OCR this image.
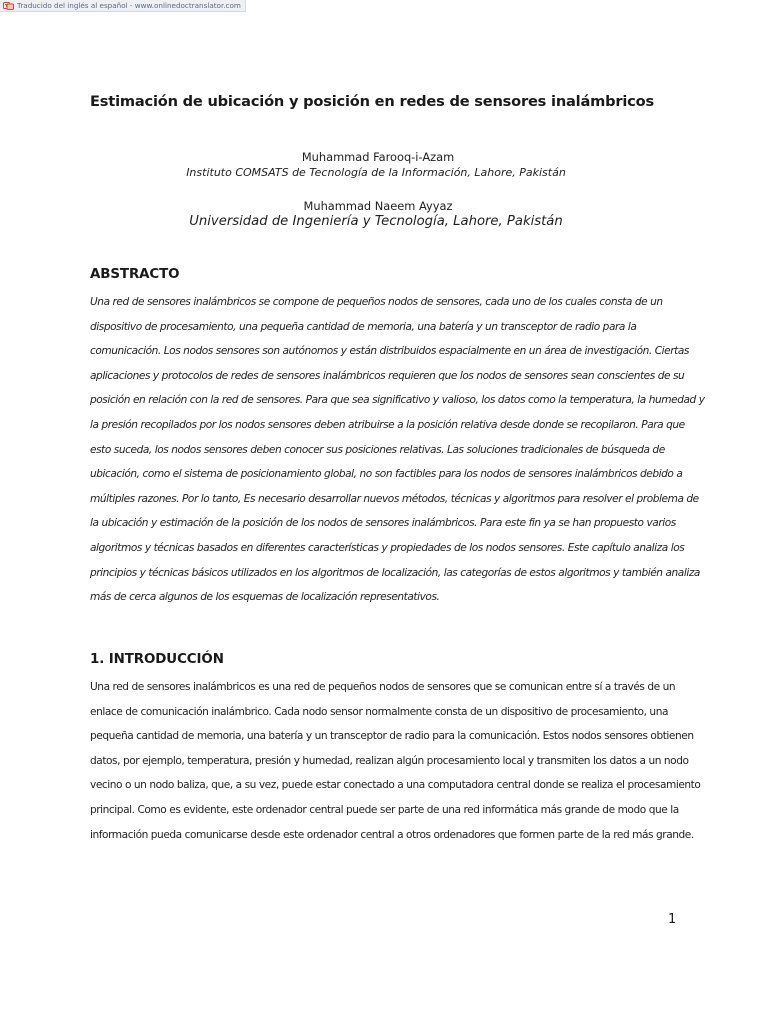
Traducido del inglés al español - www.onlinedoctranslator.com
Estimación de ubicación y posición en redes de sensores inalámbricos
Muhammad Farooq-i-Azam
Instituto COMSATS de Tecnología de la Información, Lahore, Pakistán
Muhammad Naeem Ayyaz
Universidad de Ingeniería y Tecnología, Lahore, Pakistán
ABSTRACTO
Una red de sensores inalámbricos se compone de pequeños nodos de sensores, cada uno de los cuales consta de un
dispositivo de procesamiento, una pequeña cantidad de memoria, una batería y un transceptor de radio para la
comunicación. Los nodos sensores son autónomos y están distribuidos espacialmente en un área de investigación. Ciertas
aplicaciones y protocolos de redes de sensores inalámbricos requieren que los nodos de sensores sean conscientes de su
posición en relación con la red de sensores. Para que sea significativo y valioso, los datos como la temperatura, la humedad y
la presión recopilados por los nodos sensores deben atribuirse a la posición relativa desde donde se recopilaron. Para que
esto suceda, los nodos sensores deben conocer sus posiciones relativas. Las soluciones tradicionales de búsqueda de
ubicación, como el sistema de posicionamiento global, no son factibles para los nodos de sensores inalámbricos debido a
múltiples razones. Por lo tanto, Es necesario desarrollar nuevos métodos, técnicas y algoritmos para resolver el problema de
la ubicación y estimación de la posición de los nodos de sensores inalámbricos. Para este fin ya se han propuesto varios
algoritmos y técnicas basados en diferentes características y propiedades de los nodos sensores. Este capítulo analiza los
principios y técnicas básicos utilizados en los algoritmos de localización, las categorías de estos algoritmos y también analiza
más de cerca algunos de los esquemas de localización representativos.
1. INTRODUCCIÓN
Una red de sensores inalámbricos es una red de pequeños nodos de sensores que se comunican entre sí a través de un
enlace de comunicación inalámbrico. Cada nodo sensor normalmente consta de un dispositivo de procesamiento, una
pequeña cantidad de memoria, una batería y un transceptor de radio para la comunicación. Estos nodos sensores obtienen
datos, por ejemplo, temperatura, presión y humedad, realizan algún procesamiento local y transmiten los datos a un nodo
vecino o un nodo baliza, que, a su vez, puede estar conectado a una computadora central donde se realiza el procesamiento
principal. Como es evidente, este ordenador central puede ser parte de una red informática más grande de modo que la
información pueda comunicarse desde este ordenador central a otros ordenadores que formen parte de la red más grande.
1
